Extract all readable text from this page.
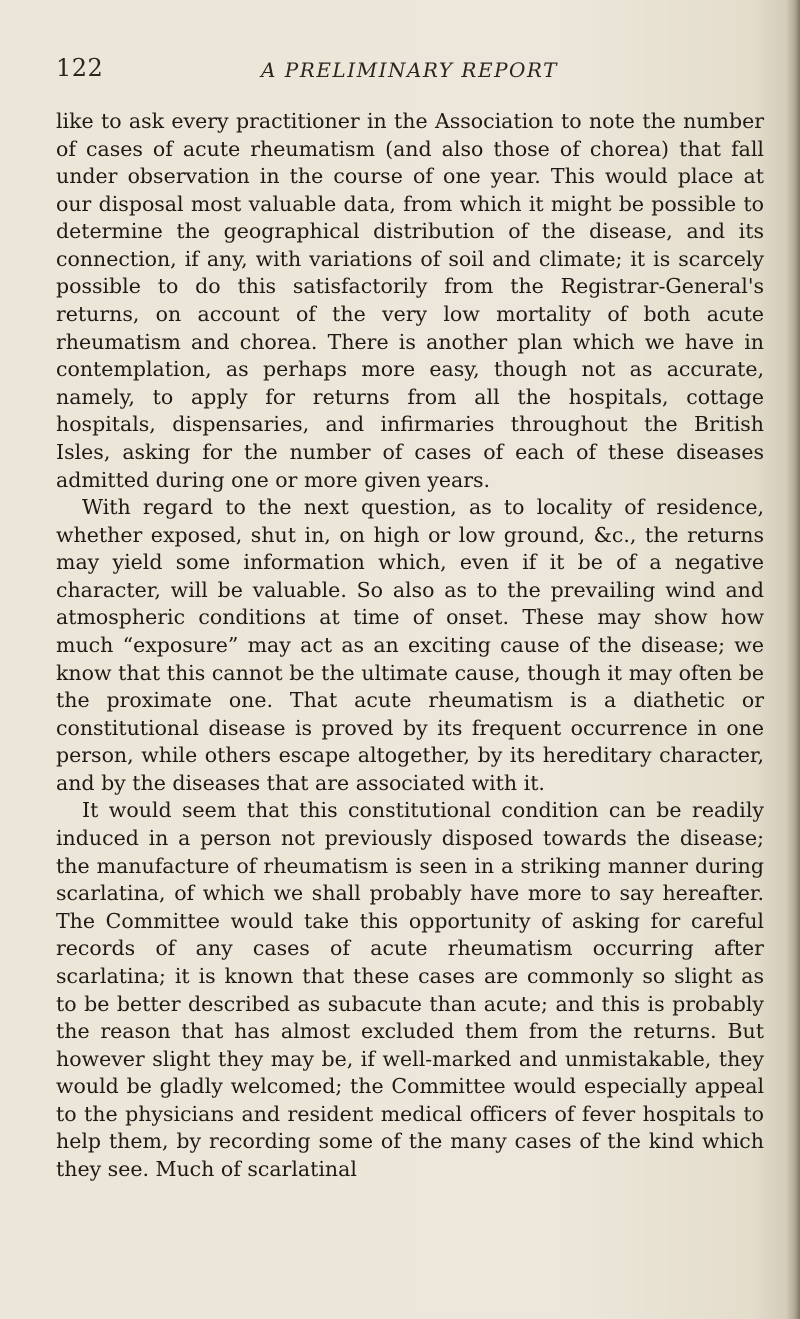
122	A PRELIMINARY REPORT

like to ask every practitioner in the Association to note the number of cases of acute rheumatism (and also those of chorea) that fall under observation in the course of one year. This would place at our disposal most valuable data, from which it might be possible to determine the geographical distribution of the disease, and its connection, if any, with variations of soil and climate; it is scarcely possible to do this satisfactorily from the Registrar-General's returns, on account of the very low mortality of both acute rheumatism and chorea. There is another plan which we have in contemplation, as perhaps more easy, though not as accurate, namely, to apply for returns from all the hospitals, cottage hospitals, dispensaries, and infirmaries throughout the British Isles, asking for the number of cases of each of these diseases admitted during one or more given years.

With regard to the next question, as to locality of residence, whether exposed, shut in, on high or low ground, &c., the returns may yield some information which, even if it be of a negative character, will be valuable. So also as to the prevailing wind and atmospheric conditions at time of onset. These may show how much “exposure” may act as an exciting cause of the disease; we know that this cannot be the ultimate cause, though it may often be the proximate one. That acute rheumatism is a diathetic or constitutional disease is proved by its frequent occurrence in one person, while others escape altogether, by its hereditary character, and by the diseases that are associated with it.

It would seem that this constitutional condition can be readily induced in a person not previously disposed towards the disease; the manufacture of rheumatism is seen in a striking manner during scarlatina, of which we shall probably have more to say hereafter. The Committee would take this opportunity of asking for careful records of any cases of acute rheumatism occurring after scarlatina; it is known that these cases are commonly so slight as to be better described as subacute than acute; and this is probably the reason that has almost excluded them from the returns. But however slight they may be, if well-marked and unmistakable, they would be gladly welcomed; the Committee would especially appeal to the physicians and resident medical officers of fever hospitals to help them, by recording some of the many cases of the kind which they see. Much of scarlatinal
